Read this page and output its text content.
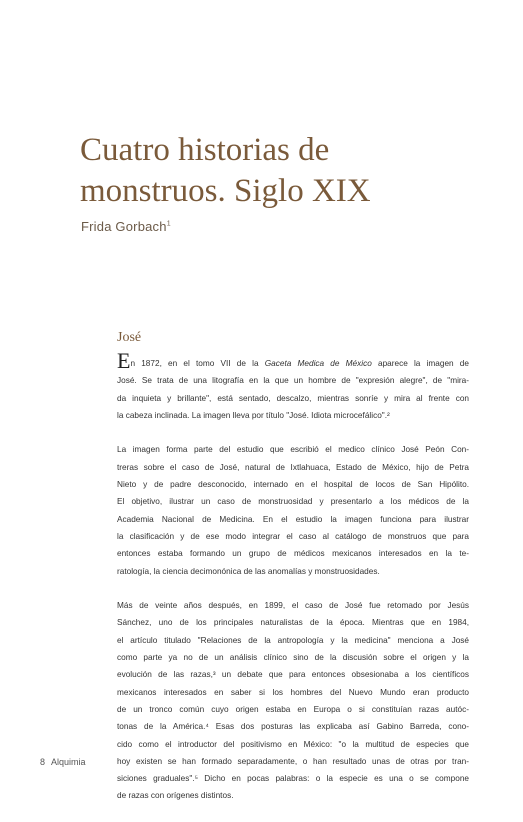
Cuatro historias de
monstruos. Siglo XIX
Frida Gorbach$^1$
José

En 1872, en el tomo VII de la Gaceta Medica de México aparece la imagen de
José. Se trata de una litografía en la que un hombre de "expresión alegre", de "mira-
da inquieta y brillante", está sentado, descalzo, mientras sonríe y mira al frente con
la cabeza inclinada. La imagen lleva por título "José. Idiota microcefálico".²

La imagen forma parte del estudio que escribió el medico clínico José Peón Con-
treras sobre el caso de José, natural de Ixtlahuaca, Estado de México, hijo de Petra
Nieto y de padre desconocido, internado en el hospital de locos de San Hipólito.
El objetivo, ilustrar un caso de monstruosidad y presentarlo a los médicos de la
Academia Nacional de Medicina. En el estudio la imagen funciona para ilustrar
la clasificación y de ese modo integrar el caso al catálogo de monstruos que para
entonces estaba formando un grupo de médicos mexicanos interesados en la te-
ratología, la ciencia decimonónica de las anomalías y monstruosidades.

Más de veinte años después, en 1899, el caso de José fue retomado por Jesús
Sánchez, uno de los principales naturalistas de la época. Mientras que en 1984,
el artículo titulado "Relaciones de la antropología y la medicina" menciona a José
como parte ya no de un análisis clínico sino de la discusión sobre el origen y la
evolución de las razas,³ un debate que para entonces obsesionaba a los científicos
mexicanos interesados en saber si los hombres del Nuevo Mundo eran producto
de un tronco común cuyo origen estaba en Europa o si constituían razas autóc-
tonas de la América.⁴ Esas dos posturas las explicaba así Gabino Barreda, cono-
cido como el introductor del positivismo en México: "o la multitud de especies que
hoy existen se han formado separadamente, o han resultado unas de otras por tran-
siciones graduales".⁵ Dicho en pocas palabras: o la especie es una o se compone
de razas con orígenes distintos.

8 Alquimia
